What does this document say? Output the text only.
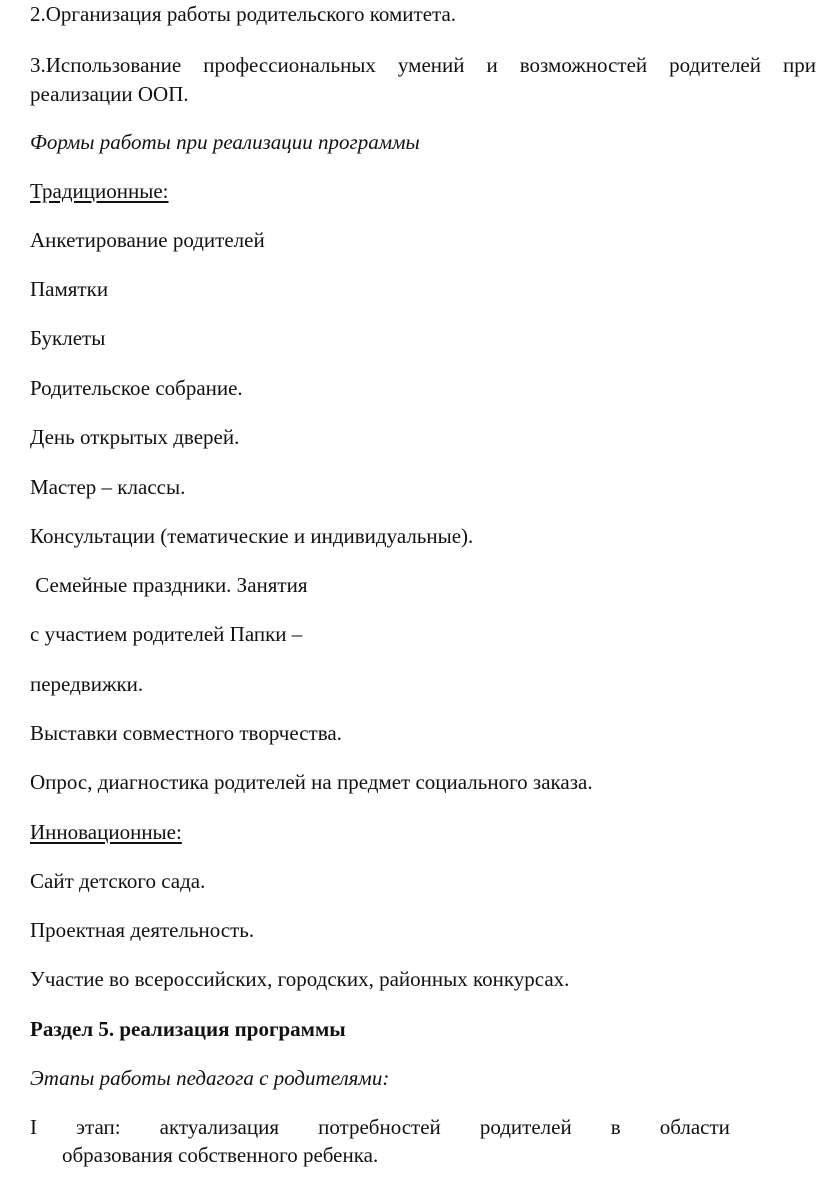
2.Организация работы родительского комитета.
3.Использование профессиональных умений и возможностей родителей при
реализации ООП.
Формы работы при реализации программы
Традиционные:
Анкетирование родителей
Памятки
Буклеты
Родительское собрание.
День открытых дверей.
Мастер – классы.
Консультации (тематические и индивидуальные).
Семейные праздники. Занятия
с участием родителей Папки –
передвижки.
Выставки совместного творчества.
Опрос, диагностика родителей на предмет социального заказа.
Инновационные:
Сайт детского сада.
Проектная деятельность.
Участие во всероссийских, городских, районных конкурсах.
Раздел 5. реализация программы
Этапы работы педагога с родителями:
I этап: актуализация потребностей родителей в области
образования собственного ребенка.
